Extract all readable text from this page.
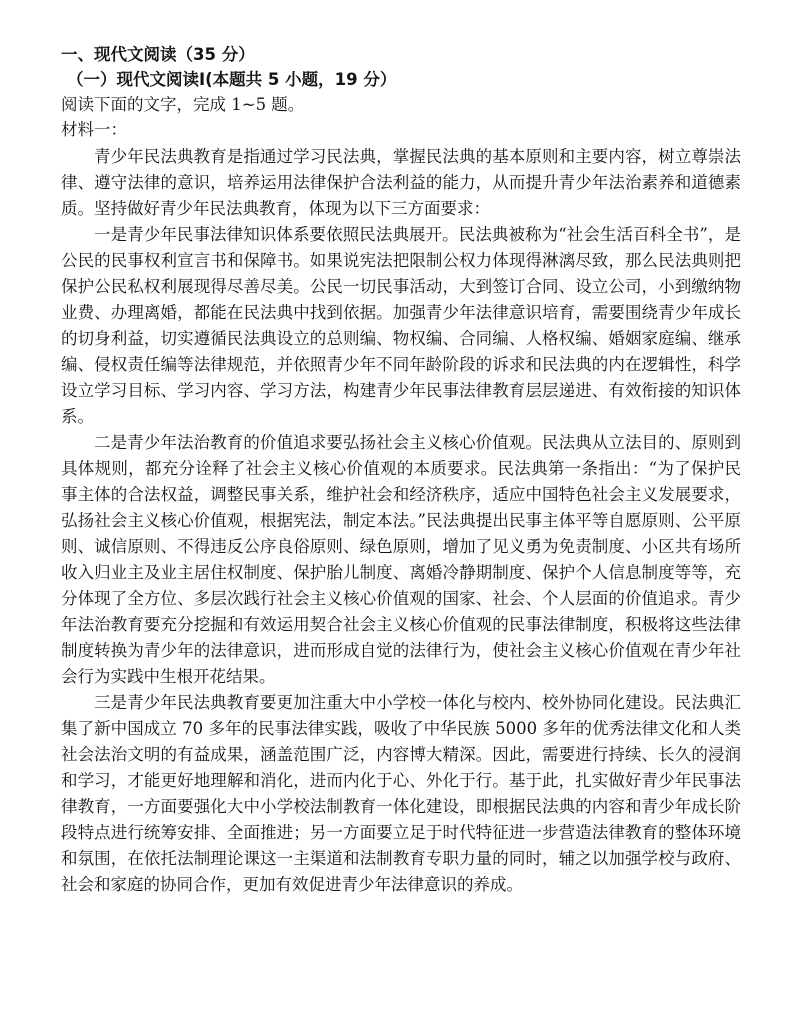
一、现代文阅读（35 分）
（一）现代文阅读Ⅰ(本题共 5 小题，19 分）
阅读下面的文字，完成 1~5 题。
材料一：

青少年民法典教育是指通过学习民法典，掌握民法典的基本原则和主要内容，树立尊崇法律、遵守法律的意识，培养运用法律保护合法利益的能力，从而提升青少年法治素养和道德素质。坚持做好青少年民法典教育，体现为以下三方面要求：

一是青少年民事法律知识体系要依照民法典展开。民法典被称为“社会生活百科全书”，是公民的民事权利宣言书和保障书。如果说宪法把限制公权力体现得淋漓尽致，那么民法典则把保护公民私权利展现得尽善尽美。公民一切民事活动，大到签订合同、设立公司，小到缴纳物业费、办理离婚，都能在民法典中找到依据。加强青少年法律意识培育，需要围绕青少年成长的切身利益，切实遵循民法典设立的总则编、物权编、合同编、人格权编、婚姻家庭编、继承编、侵权责任编等法律规范，并依照青少年不同年龄阶段的诉求和民法典的内在逻辑性，科学设立学习目标、学习内容、学习方法，构建青少年民事法律教育层层递进、有效衔接的知识体系。

二是青少年法治教育的价值追求要弘扬社会主义核心价值观。民法典从立法目的、原则到具体规则，都充分诠释了社会主义核心价值观的本质要求。民法典第一条指出：“为了保护民事主体的合法权益，调整民事关系，维护社会和经济秩序，适应中国特色社会主义发展要求，弘扬社会主义核心价值观，根据宪法，制定本法。”民法典提出民事主体平等自愿原则、公平原则、诚信原则、不得违反公序良俗原则、绿色原则，增加了见义勇为免责制度、小区共有场所收入归业主及业主居住权制度、保护胎儿制度、离婚冷静期制度、保护个人信息制度等等，充分体现了全方位、多层次践行社会主义核心价值观的国家、社会、个人层面的价值追求。青少年法治教育要充分挖掘和有效运用契合社会主义核心价值观的民事法律制度，积极将这些法律制度转换为青少年的法律意识，进而形成自觉的法律行为，使社会主义核心价值观在青少年社会行为实践中生根开花结果。

三是青少年民法典教育要更加注重大中小学校一体化与校内、校外协同化建设。民法典汇集了新中国成立 70 多年的民事法律实践，吸收了中华民族 5000 多年的优秀法律文化和人类社会法治文明的有益成果，涵盖范围广泛，内容博大精深。因此，需要进行持续、长久的浸润和学习，才能更好地理解和消化，进而内化于心、外化于行。基于此，扎实做好青少年民事法律教育，一方面要强化大中小学校法制教育一体化建设，即根据民法典的内容和青少年成长阶段特点进行统筹安排、全面推进；另一方面要立足于时代特征进一步营造法律教育的整体环境和氛围，在依托法制理论课这一主渠道和法制教育专职力量的同时，辅之以加强学校与政府、社会和家庭的协同合作，更加有效促进青少年法律意识的养成。
